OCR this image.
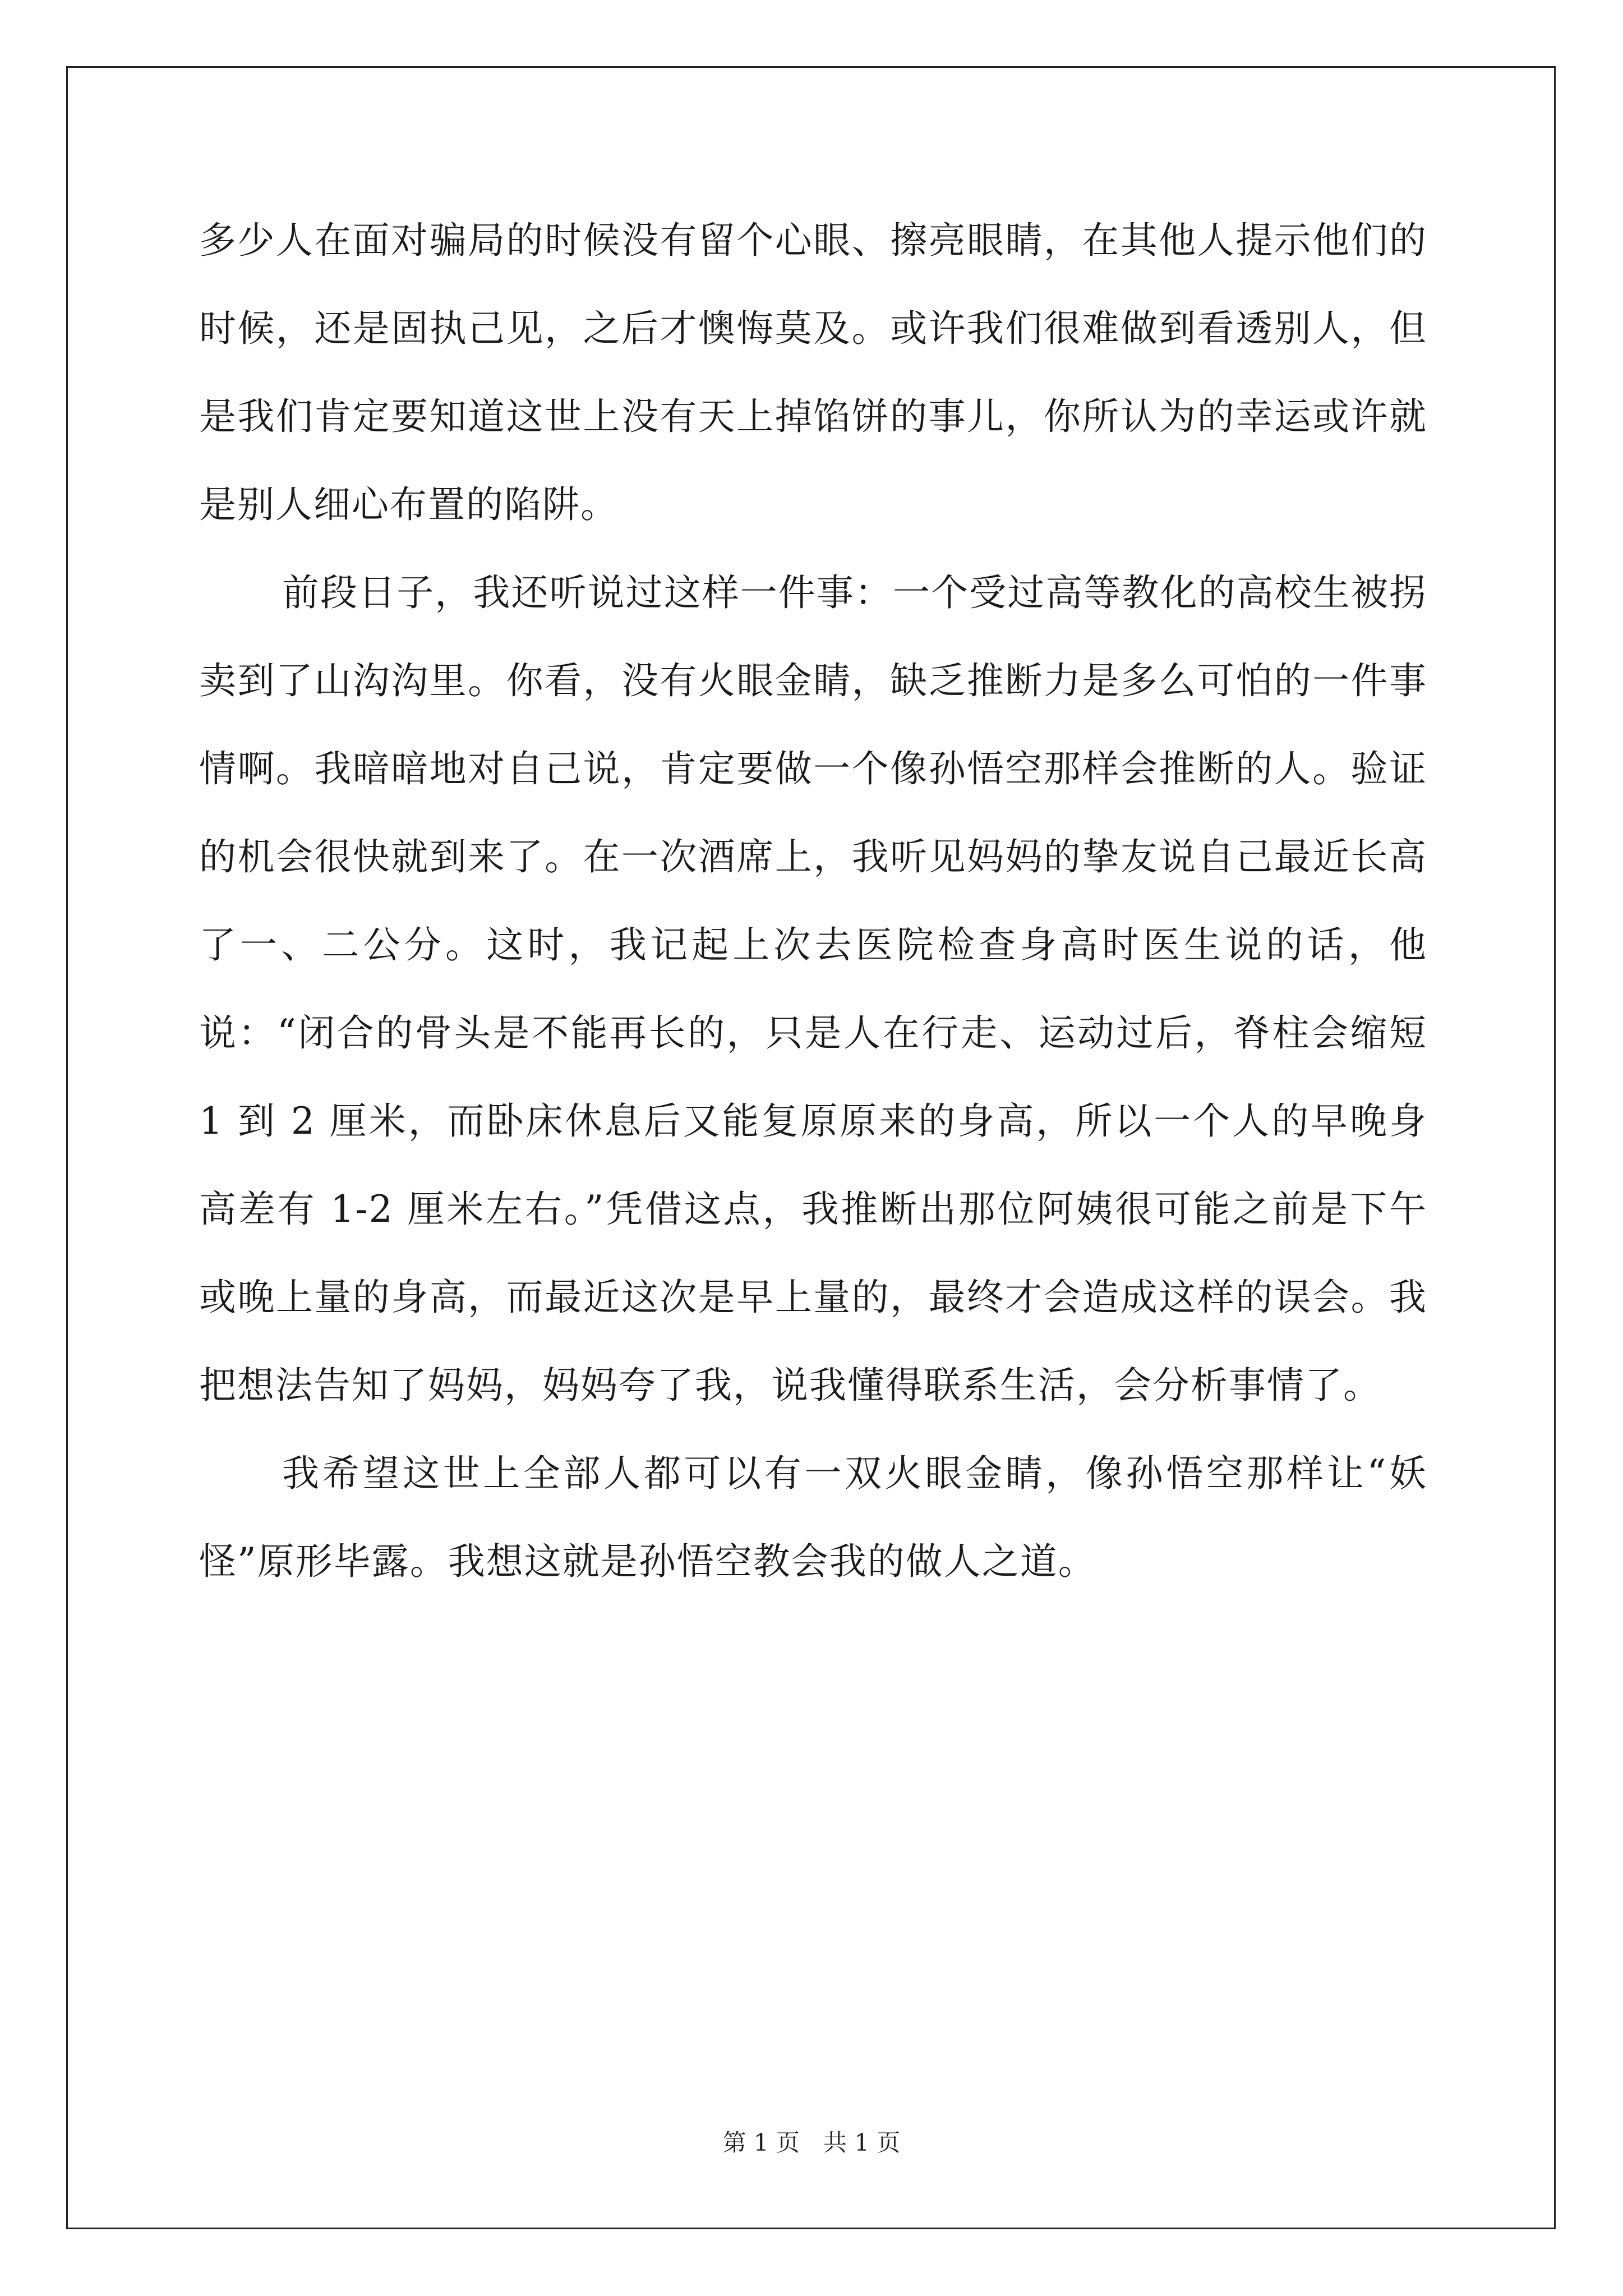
多少人在面对骗局的时候没有留个心眼、擦亮眼睛，在其他人提示他们的时候，还是固执己见，之后才懊悔莫及。或许我们很难做到看透别人，但是我们肯定要知道这世上没有天上掉馅饼的事儿，你所认为的幸运或许就是别人细心布置的陷阱。

前段日子，我还听说过这样一件事：一个受过高等教化的高校生被拐卖到了山沟沟里。你看，没有火眼金睛，缺乏推断力是多么可怕的一件事情啊。我暗暗地对自己说，肯定要做一个像孙悟空那样会推断的人。验证的机会很快就到来了。在一次酒席上，我听见妈妈的挚友说自己最近长高了一、二公分。这时，我记起上次去医院检查身高时医生说的话，他说：“闭合的骨头是不能再长的，只是人在行走、运动过后，脊柱会缩短 1 到 2 厘米，而卧床休息后又能复原原来的身高，所以一个人的早晚身高差有 1-2 厘米左右。”凭借这点，我推断出那位阿姨很可能之前是下午或晚上量的身高，而最近这次是早上量的，最终才会造成这样的误会。我把想法告知了妈妈，妈妈夸了我，说我懂得联系生活，会分析事情了。

我希望这世上全部人都可以有一双火眼金睛，像孙悟空那样让“妖怪”原形毕露。我想这就是孙悟空教会我的做人之道。

第 1 页　共 1 页
